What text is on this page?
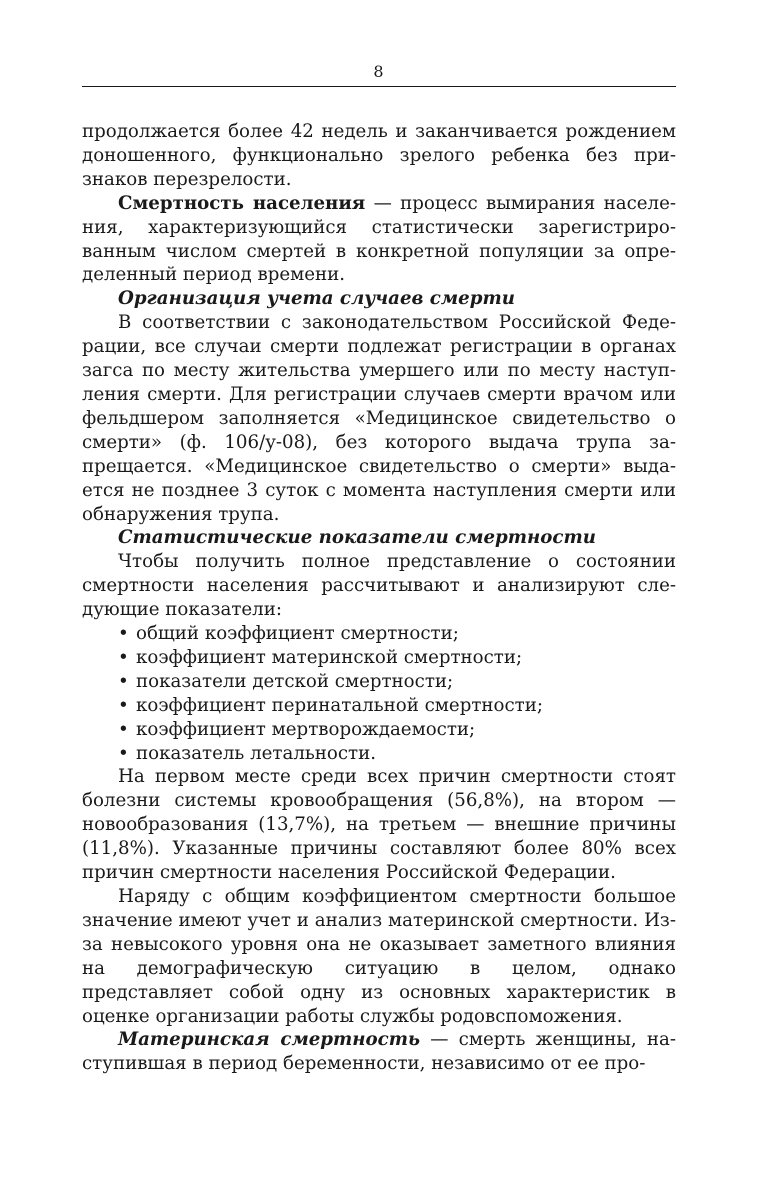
8

продолжается более 42 недель и заканчивается рождением доношенного, функционально зрелого ребенка без признаков перезрелости.

Смертность населения — процесс вымирания населения, характеризующийся статистически зарегистрированным числом смертей в конкретной популяции за определенный период времени.

Организация учета случаев смерти

В соответствии с законодательством Российской Федерации, все случаи смерти подлежат регистрации в органах загса по месту жительства умершего или по месту наступления смерти. Для регистрации случаев смерти врачом или фельдшером заполняется «Медицинское свидетельство о смерти» (ф. 106/у-08), без которого выдача трупа запрещается. «Медицинское свидетельство о смерти» выдается не позднее 3 суток с момента наступления смерти или обнаружения трупа.

Статистические показатели смертности

Чтобы получить полное представление о состоянии смертности населения рассчитывают и анализируют следующие показатели:

• общий коэффициент смертности;
• коэффициент материнской смертности;
• показатели детской смертности;
• коэффициент перинатальной смертности;
• коэффициент мертворождаемости;
• показатель летальности.

На первом месте среди всех причин смертности стоят болезни системы кровообращения (56,8%), на втором — новообразования (13,7%), на третьем — внешние причины (11,8%). Указанные причины составляют более 80% всех причин смертности населения Российской Федерации.

Наряду с общим коэффициентом смертности большое значение имеют учет и анализ материнской смертности. Из-за невысокого уровня она не оказывает заметного влияния на демографическую ситуацию в целом, однако представляет собой одну из основных характеристик в оценке организации работы службы родовспоможения.

Материнская смертность — смерть женщины, наступившая в период беременности, независимо от ее про-
